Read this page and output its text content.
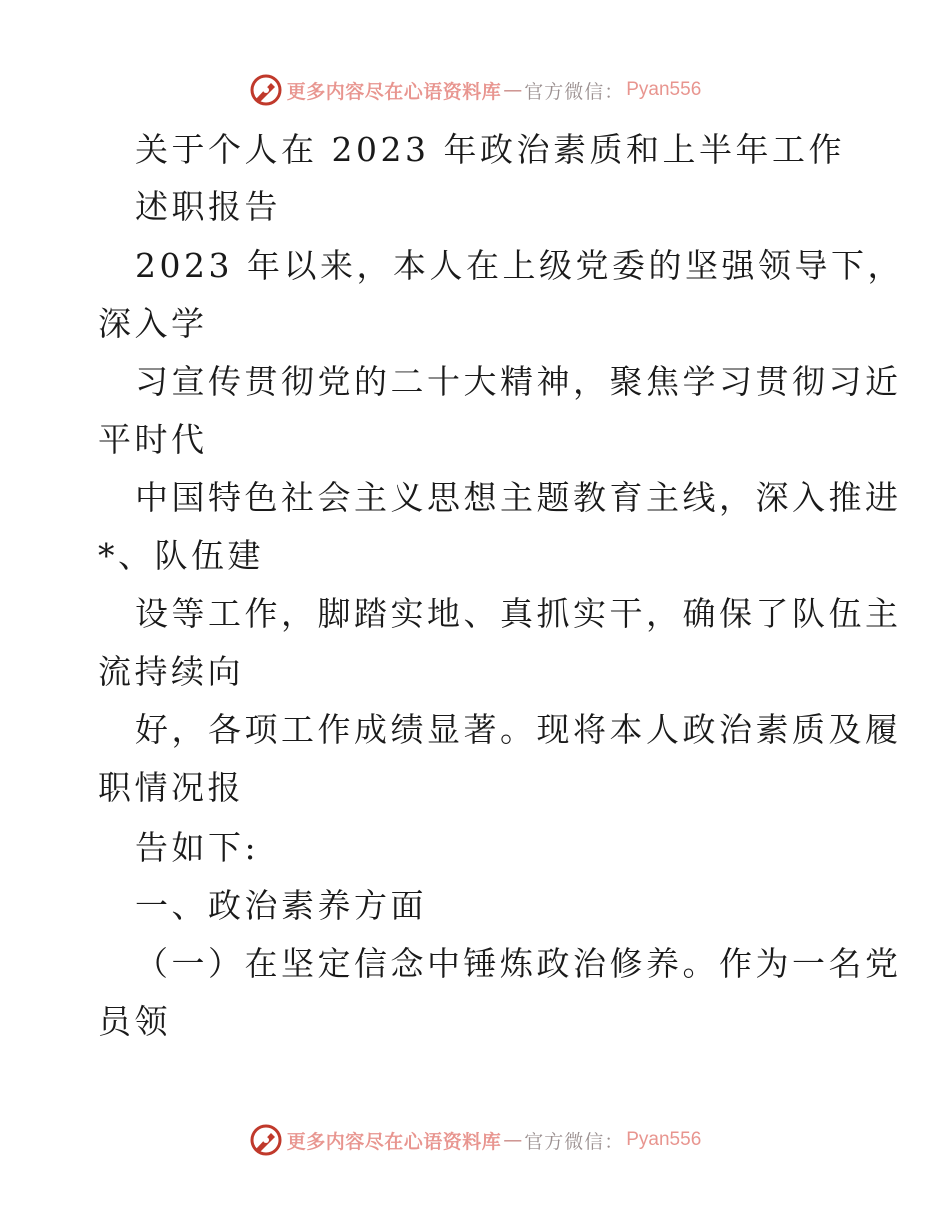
更多内容尽在心语资料库 — 官方微信： Pyan556
关于个人在 2023 年政治素质和上半年工作
述职报告
2023 年以来，本人在上级党委的坚强领导下，
深入学
习宣传贯彻党的二十大精神，聚焦学习贯彻习近
平时代
中国特色社会主义思想主题教育主线，深入推进
*、队伍建
设等工作，脚踏实地、真抓实干，确保了队伍主
流持续向
好，各项工作成绩显著。现将本人政治素质及履
职情况报
告如下:
一、政治素养方面
（一）在坚定信念中锤炼政治修养。作为一名党
员领
更多内容尽在心语资料库 — 官方微信： Pyan556
